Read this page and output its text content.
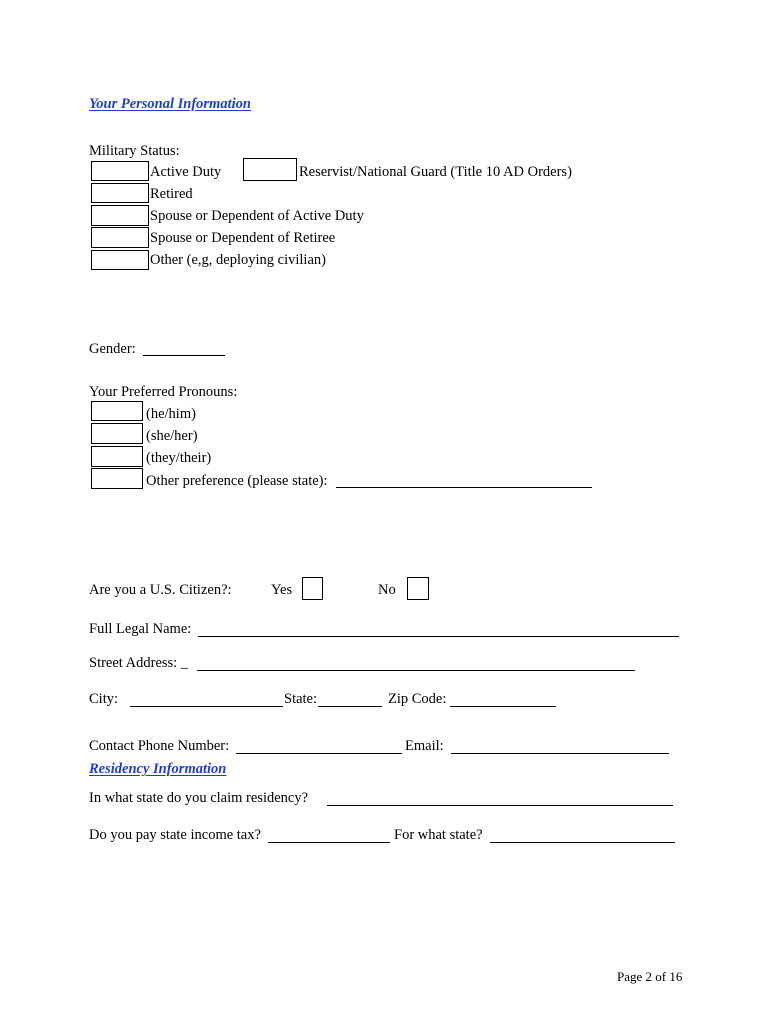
Your Personal Information
Military Status:
Active Duty	Reservist/National Guard (Title 10 AD Orders)
Retired
Spouse or Dependent of Active Duty
Spouse or Dependent of Retiree
Other (e,g, deploying civilian)
Gender:
Your Preferred Pronouns:
(he/him)
(she/her)
(they/their)
Other preference (please state):
Are you a U.S. Citizen?:	Yes	No
Full Legal Name:
Street Address: _
City:	State:	Zip Code:
Contact Phone Number:	Email:
Residency Information
In what state do you claim residency?
Do you pay state income tax?	For what state?
Page 2 of 16
